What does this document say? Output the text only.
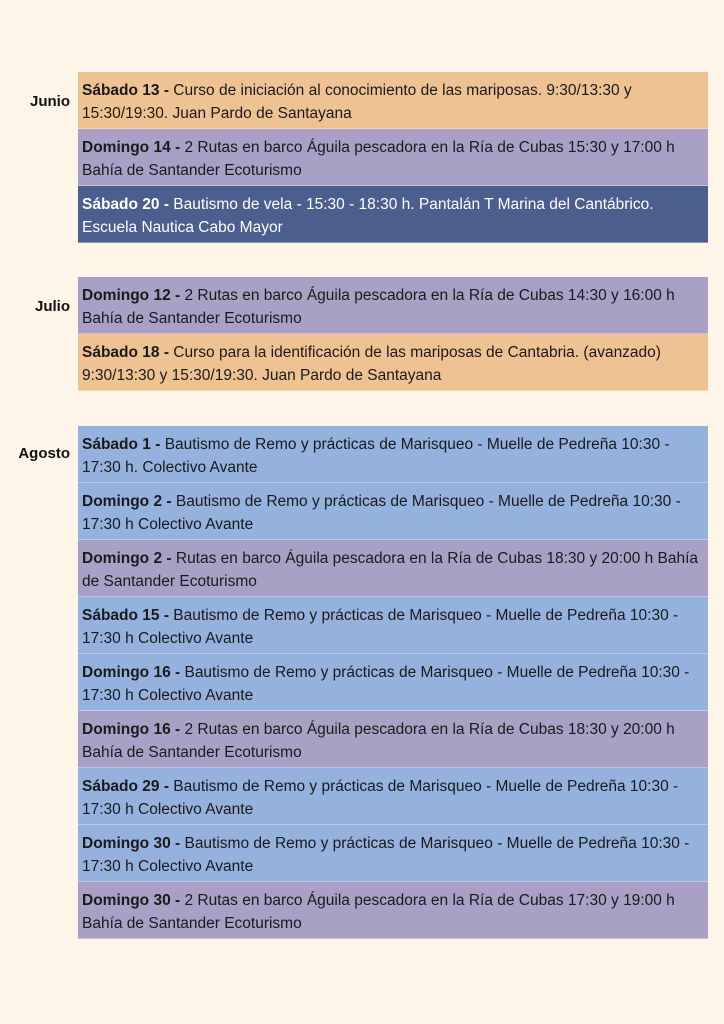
Junio
Sábado 13 - Curso de iniciación al conocimiento de las mariposas. 9:30/13:30 y 15:30/19:30. Juan Pardo de Santayana
Domingo 14 - 2 Rutas en barco Águila pescadora en la Ría de Cubas 15:30 y 17:00 h Bahía de Santander Ecoturismo
Sábado 20 - Bautismo de vela - 15:30 - 18:30 h. Pantalán T Marina del Cantábrico. Escuela Nautica Cabo Mayor
Julio
Domingo 12 - 2 Rutas en barco Águila pescadora en la Ría de Cubas 14:30 y 16:00 h Bahía de Santander Ecoturismo
Sábado 18 - Curso para la identificación de las mariposas de Cantabria. (avanzado) 9:30/13:30 y 15:30/19:30. Juan Pardo de Santayana
Agosto
Sábado 1 - Bautismo de Remo y prácticas de Marisqueo - Muelle de Pedreña 10:30 - 17:30 h. Colectivo Avante
Domingo 2 - Bautismo de Remo y prácticas de Marisqueo - Muelle de Pedreña 10:30 - 17:30 h Colectivo Avante
Domingo 2 - Rutas en barco Águila pescadora en la Ría de Cubas 18:30 y 20:00 h Bahía de Santander Ecoturismo
Sábado 15 - Bautismo de Remo y prácticas de Marisqueo - Muelle de Pedreña 10:30 - 17:30 h Colectivo Avante
Domingo 16 - Bautismo de Remo y prácticas de Marisqueo - Muelle de Pedreña 10:30 - 17:30 h Colectivo Avante
Domingo 16 - 2 Rutas en barco Águila pescadora en la Ría de Cubas 18:30 y 20:00 h Bahía de Santander Ecoturismo
Sábado 29 - Bautismo de Remo y prácticas de Marisqueo - Muelle de Pedreña 10:30 - 17:30 h Colectivo Avante
Domingo 30 - Bautismo de Remo y prácticas de Marisqueo - Muelle de Pedreña 10:30 - 17:30 h Colectivo Avante
Domingo 30 - 2 Rutas en barco Águila pescadora en la Ría de Cubas 17:30 y 19:00 h Bahía de Santander Ecoturismo
